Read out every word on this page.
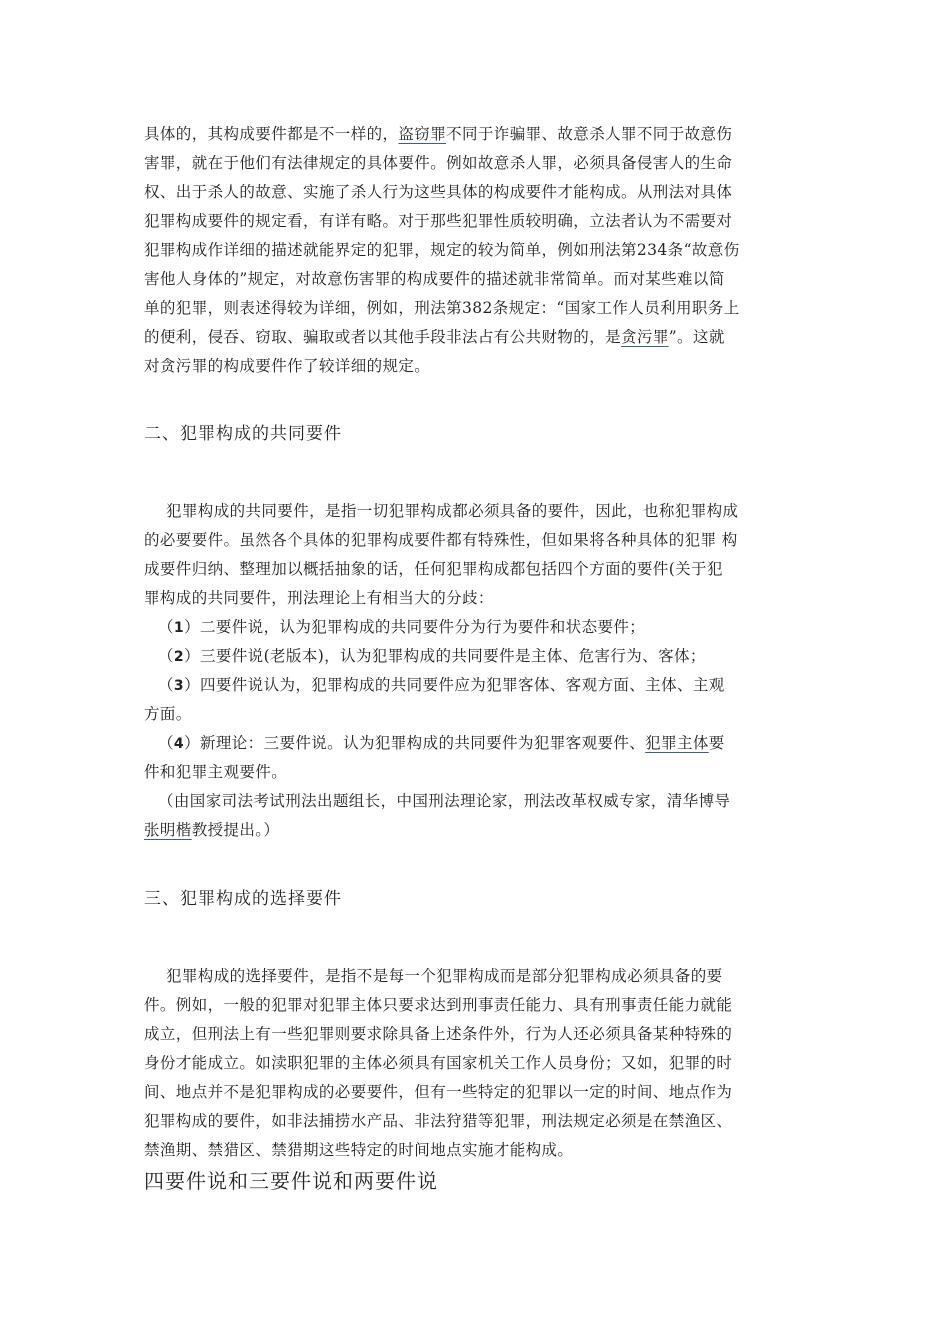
具体的，其构成要件都是不一样的，盗窃罪不同于诈骗罪、故意杀人罪不同于故意伤
害罪，就在于他们有法律规定的具体要件。例如故意杀人罪，必须具备侵害人的生命
权、出于杀人的故意、实施了杀人行为这些具体的构成要件才能构成。从刑法对具体
犯罪构成要件的规定看，有详有略。对于那些犯罪性质较明确，立法者认为不需要对
犯罪构成作详细的描述就能界定的犯罪，规定的较为简单，例如刑法第234条“故意伤
害他人身体的”规定，对故意伤害罪的构成要件的描述就非常简单。而对某些难以简
单的犯罪，则表述得较为详细，例如，刑法第382条规定：“国家工作人员利用职务上
的便利，侵吞、窃取、骗取或者以其他手段非法占有公共财物的，是贪污罪”。这就
对贪污罪的构成要件作了较详细的规定。
二、犯罪构成的共同要件
犯罪构成的共同要件，是指一切犯罪构成都必须具备的要件，因此，也称犯罪构成
的必要要件。虽然各个具体的犯罪构成要件都有特殊性，但如果将各种具体的犯罪 构
成要件归纳、整理加以概括抽象的话，任何犯罪构成都包括四个方面的要件(关于犯
罪构成的共同要件，刑法理论上有相当大的分歧：
（1）二要件说，认为犯罪构成的共同要件分为行为要件和状态要件；
（2）三要件说(老版本)，认为犯罪构成的共同要件是主体、危害行为、客体；
（3）四要件说认为，犯罪构成的共同要件应为犯罪客体、客观方面、主体、主观
方面。
（4）新理论：三要件说。认为犯罪构成的共同要件为犯罪客观要件、犯罪主体要
件和犯罪主观要件。
（由国家司法考试刑法出题组长，中国刑法理论家，刑法改革权威专家，清华博导
张明楷教授提出。）
三、犯罪构成的选择要件
犯罪构成的选择要件，是指不是每一个犯罪构成而是部分犯罪构成必须具备的要
件。例如，一般的犯罪对犯罪主体只要求达到刑事责任能力、具有刑事责任能力就能
成立，但刑法上有一些犯罪则要求除具备上述条件外，行为人还必须具备某种特殊的
身份才能成立。如渎职犯罪的主体必须具有国家机关工作人员身份；又如，犯罪的时
间、地点并不是犯罪构成的必要要件，但有一些特定的犯罪以一定的时间、地点作为
犯罪构成的要件，如非法捕捞水产品、非法狩猎等犯罪，刑法规定必须是在禁渔区、
禁渔期、禁猎区、禁猎期这些特定的时间地点实施才能构成。
四要件说和三要件说和两要件说
